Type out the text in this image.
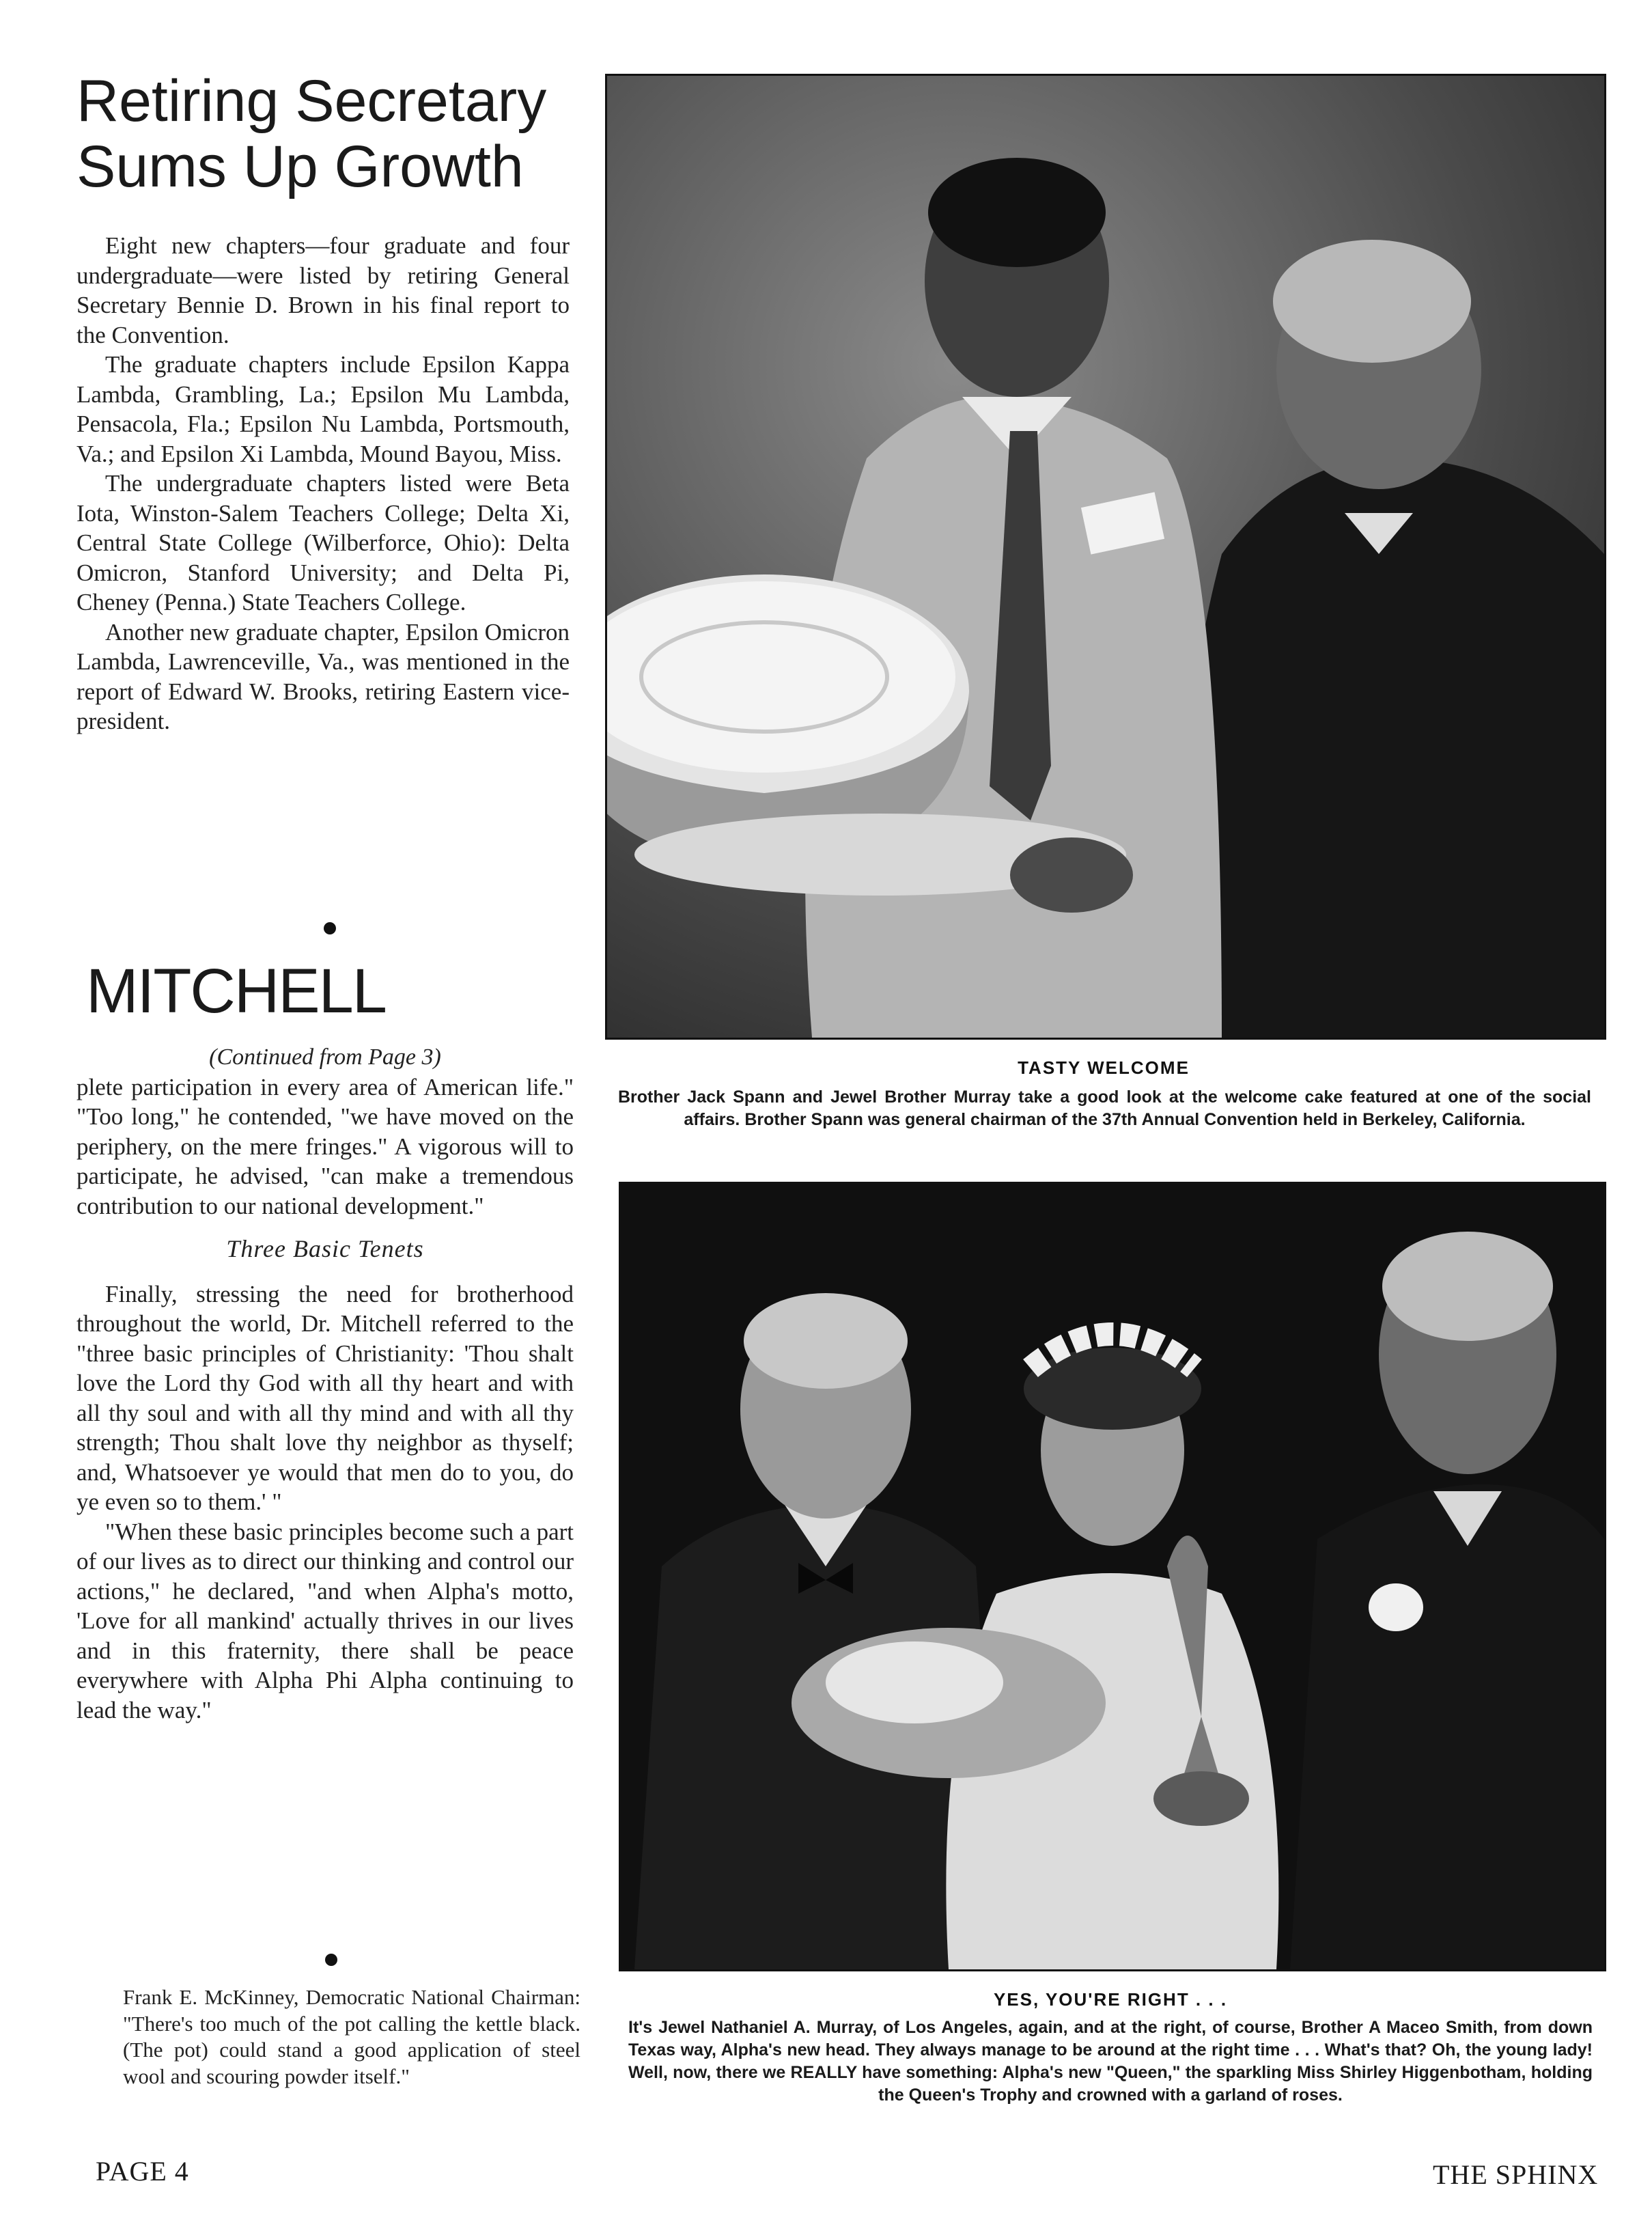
Retiring Secretary Sums Up Growth

Eight new chapters—four graduate and four undergraduate—were listed by retiring General Secretary Bennie D. Brown in his final report to the Convention.

The graduate chapters include Epsilon Kappa Lambda, Grambling, La.; Epsilon Mu Lambda, Pensacola, Fla.; Epsilon Nu Lambda, Portsmouth, Va.; and Epsilon Xi Lambda, Mound Bayou, Miss.

The undergraduate chapters listed were Beta Iota, Winston-Salem Teachers College; Delta Xi, Central State College (Wilberforce, Ohio): Delta Omicron, Stanford University; and Delta Pi, Cheney (Penna.) State Teachers College.

Another new graduate chapter, Epsilon Omicron Lambda, Lawrenceville, Va., was mentioned in the report of Edward W. Brooks, retiring Eastern vice-president.

MITCHELL

(Continued from Page 3)

plete participation in every area of American life." "Too long," he contended, "we have moved on the periphery, on the mere fringes." A vigorous will to participate, he advised, "can make a tremendous contribution to our national development."

Three Basic Tenets

Finally, stressing the need for brotherhood throughout the world, Dr. Mitchell referred to the "three basic principles of Christianity: 'Thou shalt love the Lord thy God with all thy heart and with all thy soul and with all thy mind and with all thy strength; Thou shalt love thy neighbor as thyself; and, Whatsoever ye would that men do to you, do ye even so to them.' "

"When these basic principles become such a part of our lives as to direct our thinking and control our actions," he declared, "and when Alpha's motto, 'Love for all mankind' actually thrives in our lives and in this fraternity, there shall be peace everywhere with Alpha Phi Alpha continuing to lead the way."

Frank E. McKinney, Democratic National Chairman: "There's too much of the pot calling the kettle black. (The pot) could stand a good application of steel wool and scouring powder itself."

TASTY WELCOME
Brother Jack Spann and Jewel Brother Murray take a good look at the welcome cake featured at one of the social affairs. Brother Spann was general chairman of the 37th Annual Convention held in Berkeley, California.
YES, YOU'RE RIGHT . . .
It's Jewel Nathaniel A. Murray, of Los Angeles, again, and at the right, of course, Brother A Maceo Smith, from down Texas way, Alpha's new head. They always manage to be around at the right time . . . What's that? Oh, the young lady! Well, now, there we REALLY have something: Alpha's new "Queen," the sparkling Miss Shirley Higgenbotham, holding the Queen's Trophy and crowned with a garland of roses.
PAGE 4	THE SPHINX
